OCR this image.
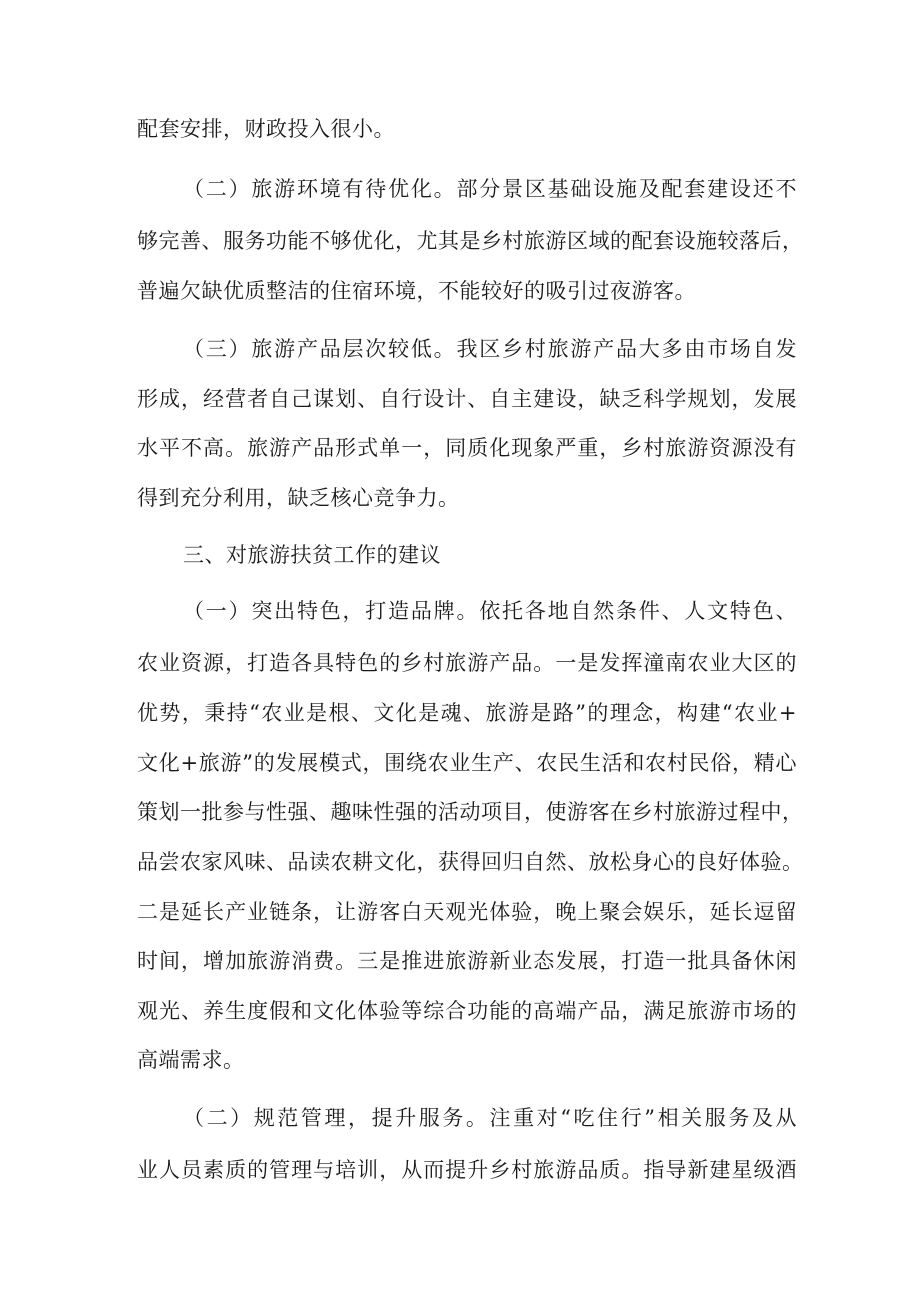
配套安排，财政投入很小。
（二）旅游环境有待优化。部分景区基础设施及配套建设还不
够完善、服务功能不够优化，尤其是乡村旅游区域的配套设施较落后，
普遍欠缺优质整洁的住宿环境，不能较好的吸引过夜游客。
（三）旅游产品层次较低。我区乡村旅游产品大多由市场自发
形成，经营者自己谋划、自行设计、自主建设，缺乏科学规划，发展
水平不高。旅游产品形式单一，同质化现象严重，乡村旅游资源没有
得到充分利用，缺乏核心竞争力。
三、对旅游扶贫工作的建议
（一）突出特色，打造品牌。依托各地自然条件、人文特色、
农业资源，打造各具特色的乡村旅游产品。一是发挥潼南农业大区的
优势，秉持“农业是根、文化是魂、旅游是路”的理念，构建“农业+
文化+旅游”的发展模式，围绕农业生产、农民生活和农村民俗，精心
策划一批参与性强、趣味性强的活动项目，使游客在乡村旅游过程中，
品尝农家风味、品读农耕文化，获得回归自然、放松身心的良好体验。
二是延长产业链条，让游客白天观光体验，晚上聚会娱乐，延长逗留
时间，增加旅游消费。三是推进旅游新业态发展，打造一批具备休闲
观光、养生度假和文化体验等综合功能的高端产品，满足旅游市场的
高端需求。
（二）规范管理，提升服务。注重对“吃住行”相关服务及从
业人员素质的管理与培训，从而提升乡村旅游品质。指导新建星级酒
